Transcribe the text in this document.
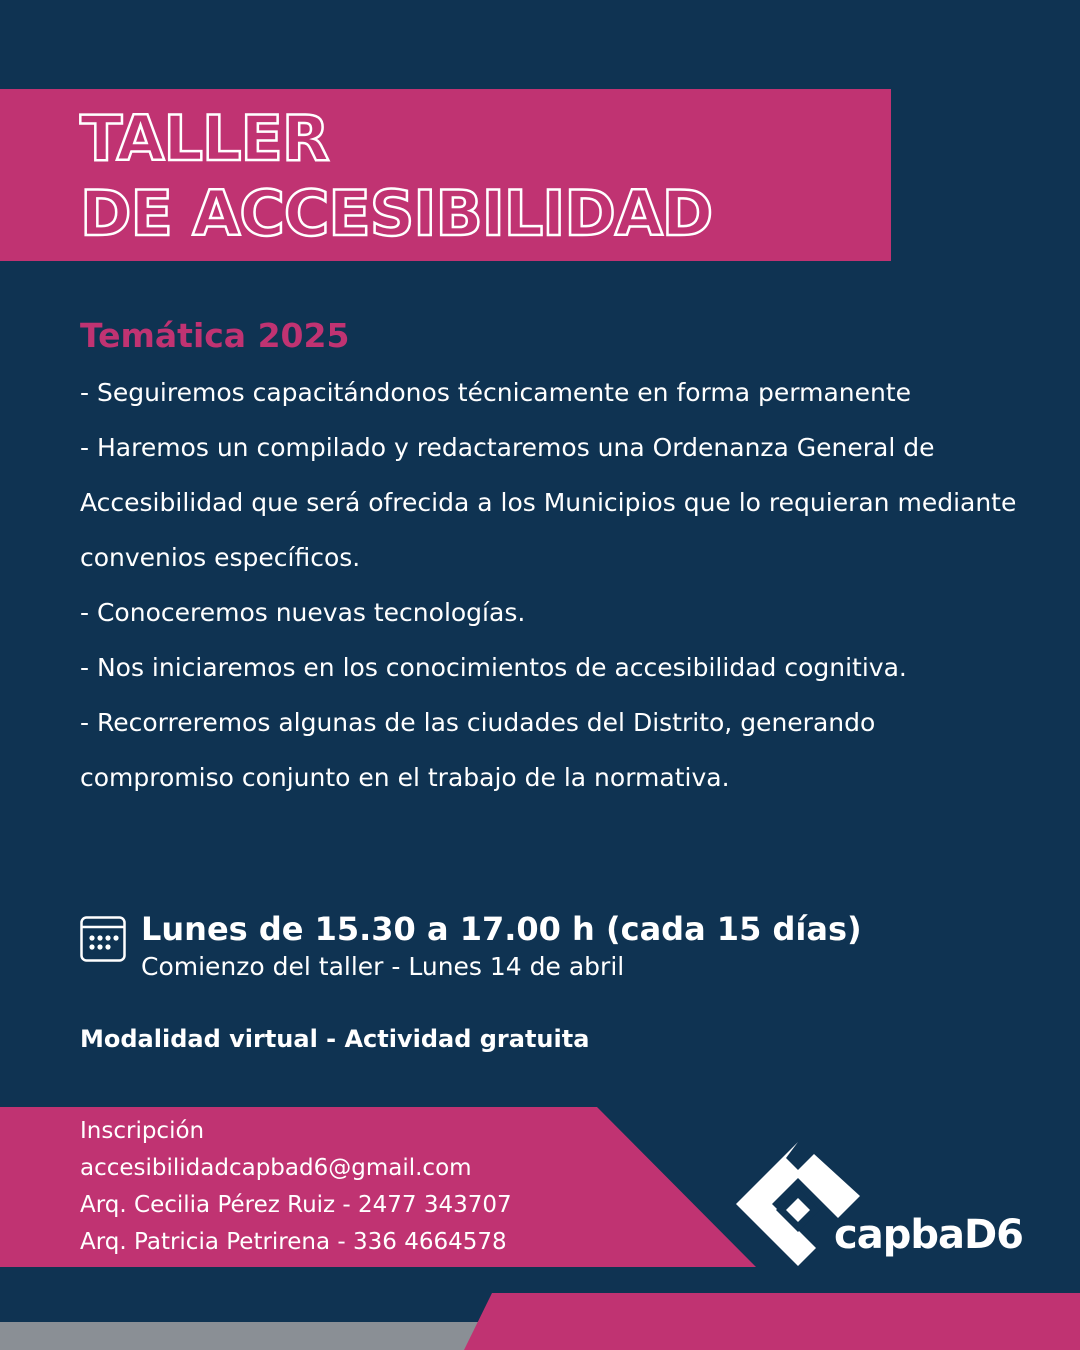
TALLER
DE ACCESIBILIDAD
Temática 2025
- Seguiremos capacitándonos técnicamente en forma permanente
- Haremos un compilado y redactaremos una Ordenanza General de Accesibilidad que será ofrecida a los Municipios que lo requieran mediante convenios específicos.
- Conoceremos nuevas tecnologías.
- Nos iniciaremos en los conocimientos de accesibilidad cognitiva.
- Recorreremos algunas de las ciudades del Distrito, generando compromiso conjunto en el trabajo de la normativa.
Lunes de 15.30 a 17.00 h (cada 15 días)
Comienzo del taller - Lunes 14 de abril
Modalidad virtual - Actividad gratuita
Inscripción
accesibilidadcapbad6@gmail.com
Arq. Cecilia Pérez Ruiz - 2477 343707
Arq. Patricia Petrirena - 336 4664578	capbaD6
